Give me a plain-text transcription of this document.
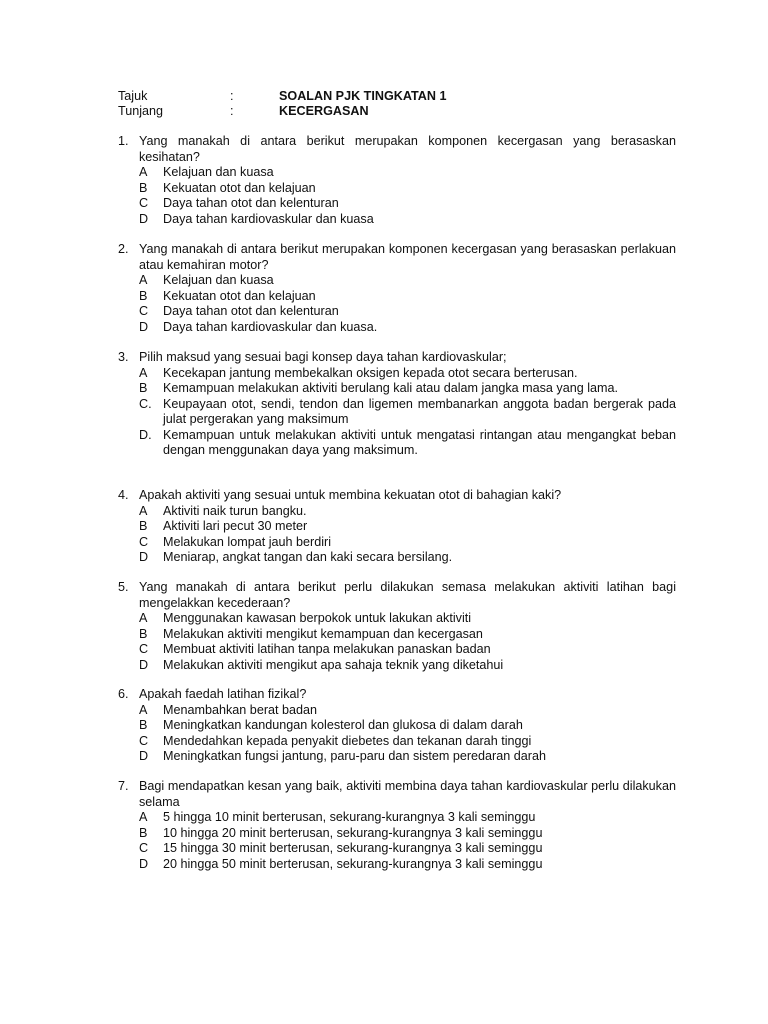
Tajuk	:	SOALAN PJK TINGKATAN 1
Tunjang	:	KECERGASAN
1. Yang manakah di antara berikut merupakan komponen kecergasan yang berasaskan kesihatan?
A Kelajuan dan kuasa
B Kekuatan otot dan kelajuan
C Daya tahan otot dan kelenturan
D Daya tahan kardiovaskular dan kuasa
2. Yang manakah di antara berikut merupakan komponen kecergasan yang berasaskan perlakuan atau kemahiran motor?
A Kelajuan dan kuasa
B Kekuatan otot dan kelajuan
C Daya tahan otot dan kelenturan
D Daya tahan kardiovaskular dan kuasa.
3. Pilih maksud yang sesuai bagi konsep daya tahan kardiovaskular;
A Kecekapan jantung membekalkan oksigen kepada otot secara berterusan.
B Kemampuan melakukan aktiviti berulang kali atau dalam jangka masa yang lama.
C. Keupayaan otot, sendi, tendon dan ligemen membanarkan anggota badan bergerak pada julat pergerakan yang maksimum
D. Kemampuan untuk melakukan aktiviti untuk mengatasi rintangan atau mengangkat beban dengan menggunakan daya yang maksimum.
4. Apakah aktiviti yang sesuai untuk membina kekuatan otot di bahagian kaki?
A Aktiviti naik turun bangku.
B Aktiviti lari pecut 30 meter
C Melakukan lompat jauh berdiri
D Meniarap, angkat tangan dan kaki secara bersilang.
5. Yang manakah di antara berikut perlu dilakukan semasa melakukan aktiviti latihan bagi mengelakkan kecederaan?
A Menggunakan kawasan berpokok untuk lakukan aktiviti
B Melakukan aktiviti mengikut kemampuan dan kecergasan
C Membuat aktiviti latihan tanpa melakukan panaskan badan
D Melakukan aktiviti mengikut apa sahaja teknik yang diketahui
6. Apakah faedah latihan fizikal?
A Menambahkan berat badan
B Meningkatkan kandungan kolesterol dan glukosa di dalam darah
C Mendedahkan kepada penyakit diebetes dan tekanan darah tinggi
D Meningkatkan fungsi jantung, paru-paru dan sistem peredaran darah
7. Bagi mendapatkan kesan yang baik, aktiviti membina daya tahan kardiovaskular perlu dilakukan selama
A 5 hingga 10 minit berterusan, sekurang-kurangnya 3 kali seminggu
B 10 hingga 20 minit berterusan, sekurang-kurangnya 3 kali seminggu
C 15 hingga 30 minit berterusan, sekurang-kurangnya 3 kali seminggu
D 20 hingga 50 minit berterusan, sekurang-kurangnya 3 kali seminggu
